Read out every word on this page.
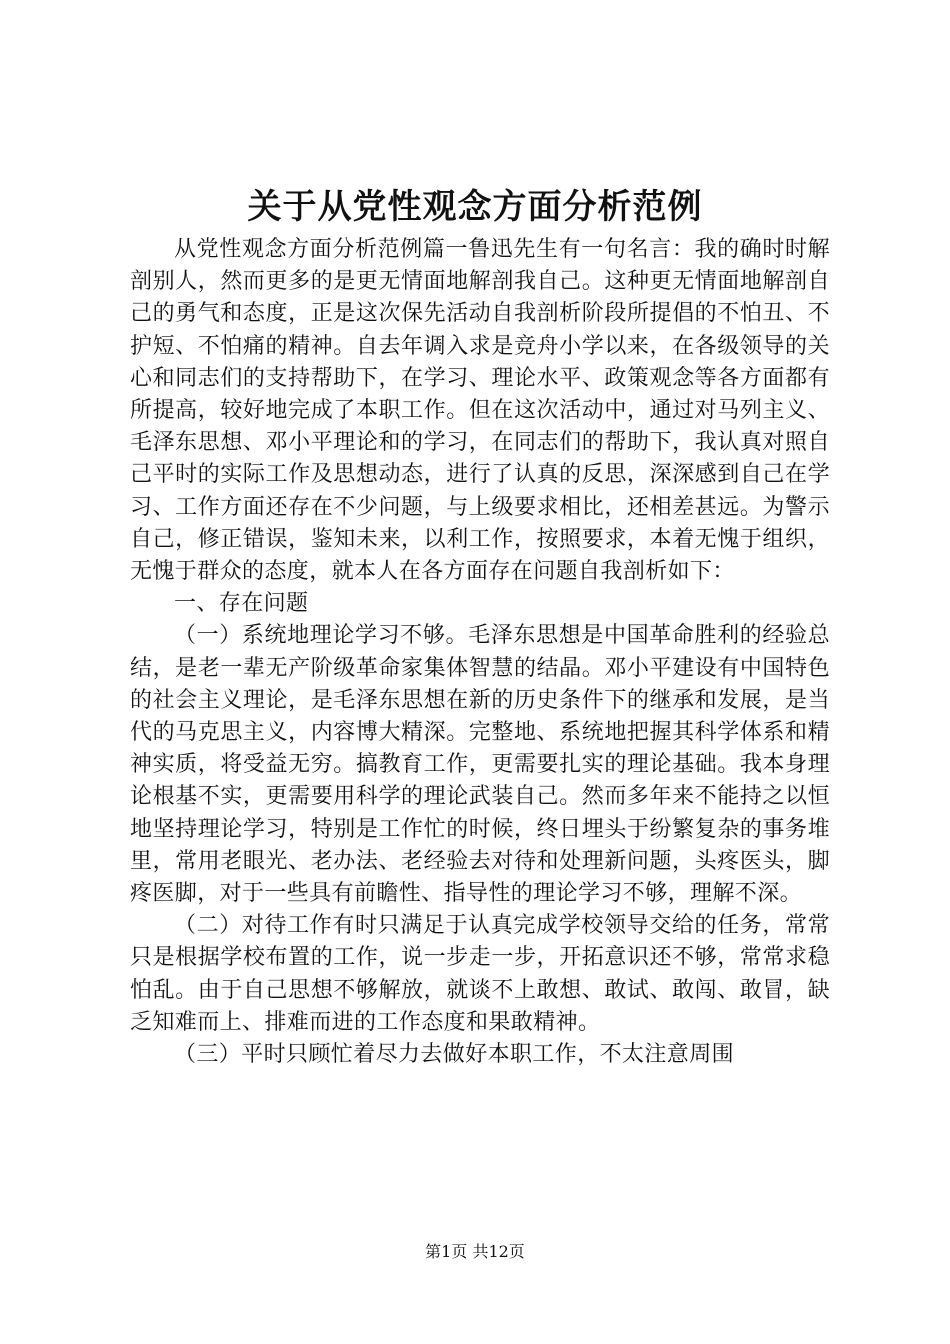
关于从党性观念方面分析范例

从党性观念方面分析范例篇一鲁迅先生有一句名言：我的确时时解剖别人，然而更多的是更无情面地解剖我自己。这种更无情面地解剖自己的勇气和态度，正是这次保先活动自我剖析阶段所提倡的不怕丑、不护短、不怕痛的精神。自去年调入求是竞舟小学以来，在各级领导的关心和同志们的支持帮助下，在学习、理论水平、政策观念等各方面都有所提高，较好地完成了本职工作。但在这次活动中，通过对马列主义、毛泽东思想、邓小平理论和的学习，在同志们的帮助下，我认真对照自己平时的实际工作及思想动态，进行了认真的反思，深深感到自己在学习、工作方面还存在不少问题，与上级要求相比，还相差甚远。为警示自己，修正错误，鉴知未来，以利工作，按照要求，本着无愧于组织，无愧于群众的态度，就本人在各方面存在问题自我剖析如下：

一、存在问题

（一）系统地理论学习不够。毛泽东思想是中国革命胜利的经验总结，是老一辈无产阶级革命家集体智慧的结晶。邓小平建设有中国特色的社会主义理论，是毛泽东思想在新的历史条件下的继承和发展，是当代的马克思主义，内容博大精深。完整地、系统地把握其科学体系和精神实质，将受益无穷。搞教育工作，更需要扎实的理论基础。我本身理论根基不实，更需要用科学的理论武装自己。然而多年来不能持之以恒地坚持理论学习，特别是工作忙的时候，终日埋头于纷繁复杂的事务堆里，常用老眼光、老办法、老经验去对待和处理新问题，头疼医头，脚疼医脚，对于一些具有前瞻性、指导性的理论学习不够，理解不深。

（二）对待工作有时只满足于认真完成学校领导交给的任务，常常只是根据学校布置的工作，说一步走一步，开拓意识还不够，常常求稳怕乱。由于自己思想不够解放，就谈不上敢想、敢试、敢闯、敢冒，缺乏知难而上、排难而进的工作态度和果敢精神。

（三）平时只顾忙着尽力去做好本职工作，不太注意周围

第1页 共12页
